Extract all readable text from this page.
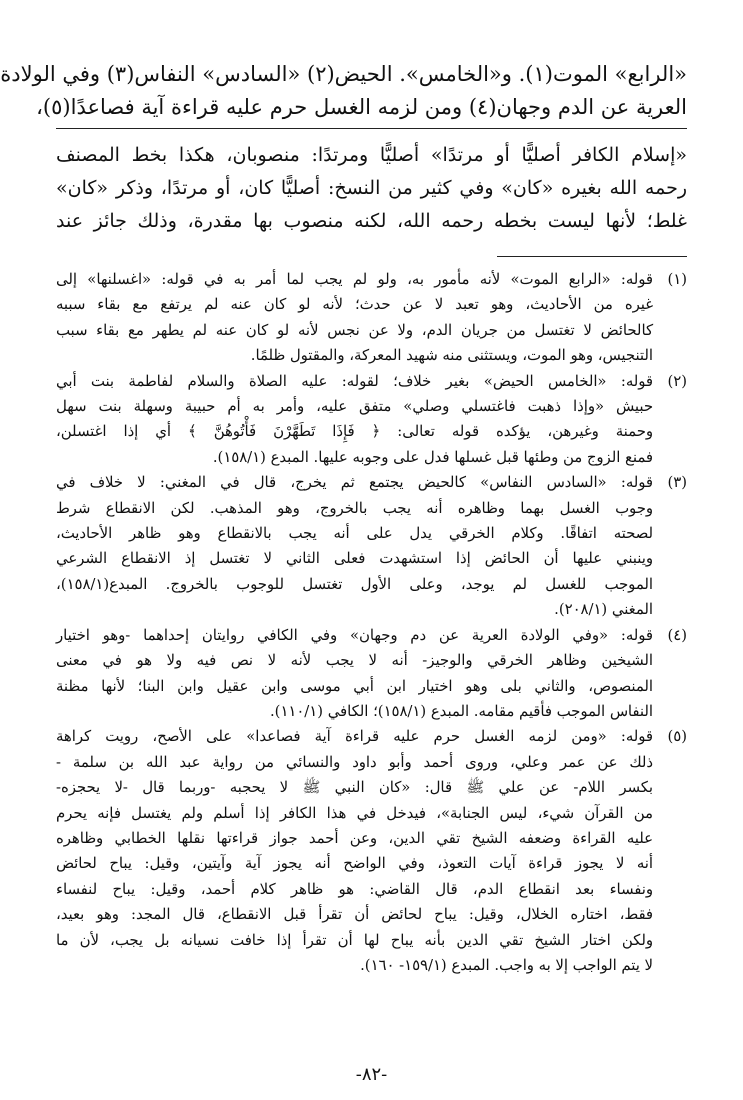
«الرابع» الموت(١). و«الخامس». الحيض(٢) «السادس» النفاس(٣) وفي الولادة
العرية عن الدم وجهان(٤) ومن لزمه الغسل حرم عليه قراءة آية فصاعدًا(٥)،
«إسلام الكافر أصليًّا أو مرتدًا» أصليًّا ومرتدًا: منصوبان، هكذا بخط المصنف
رحمه الله بغيره «كان» وفي كثير من النسخ: أصليًّا كان، أو مرتدًا، وذكر «كان»
غلط؛ لأنها ليست بخطه رحمه الله، لكنه منصوب بها مقدرة، وذلك جائز عند
(١)
قوله: «الرابع الموت» لأنه مأمور به، ولو لم يجب لما أمر به في قوله: «اغسلنها» إلى
غيره من الأحاديث، وهو تعبد لا عن حدث؛ لأنه لو كان عنه لم يرتفع مع بقاء سببه
كالحائض لا تغتسل من جريان الدم، ولا عن نجس لأنه لو كان عنه لم يطهر مع بقاء سبب
التنجيس، وهو الموت، ويستثنى منه شهيد المعركة، والمقتول ظلمًا.
(٢)
قوله: «الخامس الحيض» بغير خلاف؛ لقوله: عليه الصلاة والسلام لفاطمة بنت أبي
حبيش «وإذا ذهبت فاغتسلي وصلي» متفق عليه، وأمر به أم حبيبة وسهلة بنت سهل
وحمنة وغيرهن، يؤكده قوله تعالى: ﴿ فَإِذَا تَطَهَّرْنَ فَأْتُوهُنَّ ﴾ أي إذا اغتسلن،
فمنع الزوج من وطئها قبل غسلها فدل على وجوبه عليها. المبدع (١٥٨/١).
(٣)
قوله: «السادس النفاس» كالحيض يجتمع ثم يخرج، قال في المغني: لا خلاف في
وجوب الغسل بهما وظاهره أنه يجب بالخروج، وهو المذهب. لكن الانقطاع شرط
لصحته اتفاقًا. وكلام الخرقي يدل على أنه يجب بالانقطاع وهو ظاهر الأحاديث،
وينبني عليها أن الحائض إذا استشهدت فعلى الثاني لا تغتسل إذ الانقطاع الشرعي
الموجب للغسل لم يوجد، وعلى الأول تغتسل للوجوب بالخروج. المبدع(١٥٨/١)،
المغني (٢٠٨/١).
(٤)
قوله: «وفي الولادة العرية عن دم وجهان» وفي الكافي روايتان إحداهما -وهو اختيار
الشيخين وظاهر الخرقي والوجيز- أنه لا يجب لأنه لا نص فيه ولا هو في معنى
المنصوص، والثاني بلى وهو اختيار ابن أبي موسى وابن عقيل وابن البنا؛ لأنها مظنة
النفاس الموجب فأقيم مقامه. المبدع (١٥٨/١)؛ الكافي (١١٠/١).
(٥)
قوله: «ومن لزمه الغسل حرم عليه قراءة آية فصاعدا» على الأصح، رويت كراهة
ذلك عن عمر وعلي، وروى أحمد وأبو داود والنسائي من رواية عبد الله بن سلمة -
بكسر اللام- عن علي ﷺ قال: «كان النبي ﷺ لا يحجبه -وربما قال -لا يحجزه-
من القرآن شيء، ليس الجنابة»، فيدخل في هذا الكافر إذا أسلم ولم يغتسل فإنه يحرم
عليه القراءة وضعفه الشيخ تقي الدين، وعن أحمد جواز قراءتها نقلها الخطابي وظاهره
أنه لا يجوز قراءة آيات التعوذ، وفي الواضح أنه يجوز آية وآيتين، وقيل: يباح لحائض
ونفساء بعد انقطاع الدم، قال القاضي: هو ظاهر كلام أحمد، وقيل: يباح لنفساء
فقط، اختاره الخلال، وقيل: يباح لحائض أن تقرأ قبل الانقطاع، قال المجد: وهو بعيد،
ولكن اختار الشيخ تقي الدين بأنه يباح لها أن تقرأ إذا خافت نسيانه بل يجب، لأن ما
لا يتم الواجب إلا به واجب. المبدع (١٥٩/١- ١٦٠).
-٨٢-
